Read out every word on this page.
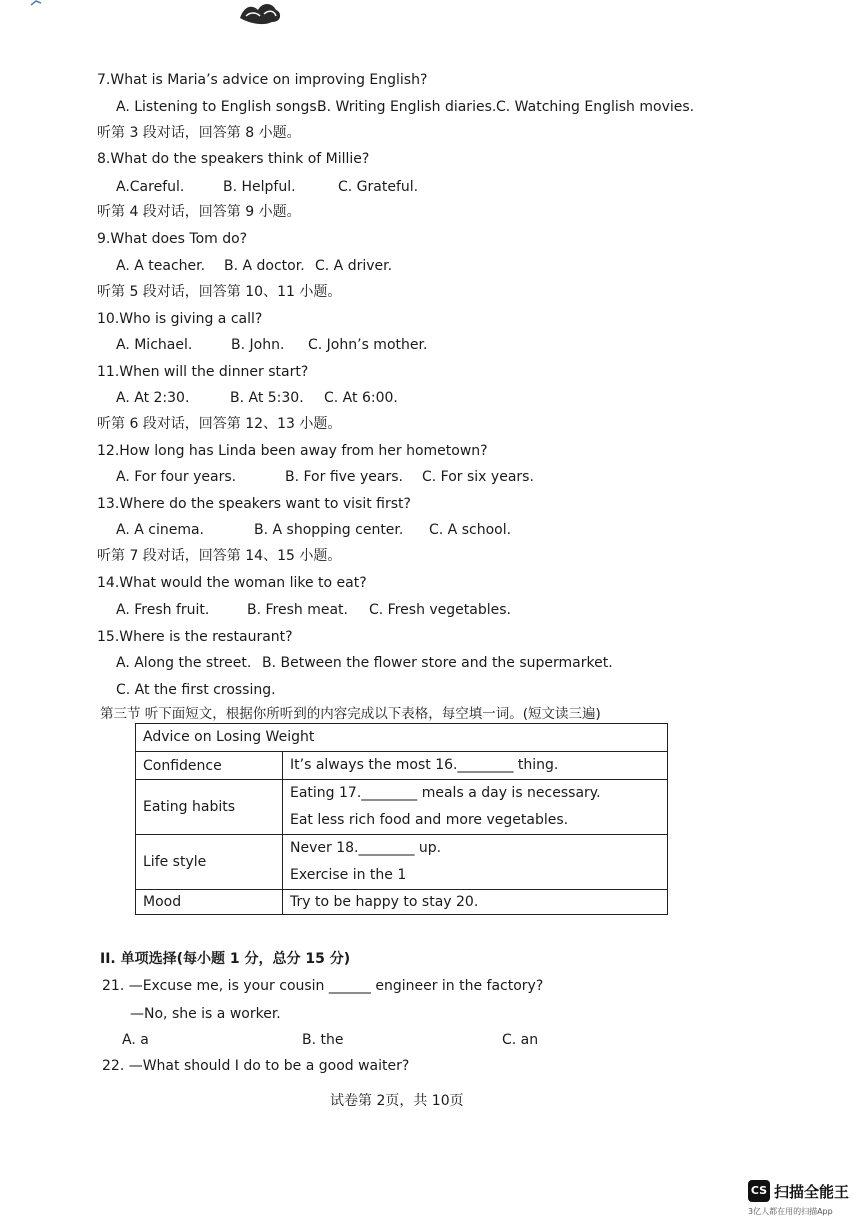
7.What is Maria’s advice on improving English?
A. Listening to English songs.
B. Writing English diaries. C. Watching English movies.
听第 3 段对话，回答第 8 小题。
8.What do the speakers think of Millie?
A.Careful.	B. Helpful.	C. Grateful.
听第 4 段对话，回答第 9 小题。
9.What does Tom do?
A. A teacher. B. A doctor. C. A driver.
听第 5 段对话，回答第 10、11 小题。
10.Who is giving a call?
A. Michael.	B. John. C. John’s mother.
11.When will the dinner start?
A. At 2:30.	B. At 5:30. C. At 6:00.
听第 6 段对话，回答第 12、13 小题。
12.How long has Linda been away from her hometown?
A. For four years.	B. For five years. C. For six years.
13.Where do the speakers want to visit first?
A. A cinema.	B. A shopping center. C. A school.
听第 7 段对话，回答第 14、15 小题。
14.What would the woman like to eat?
A. Fresh fruit.	B. Fresh meat. C. Fresh vegetables.
15.Where is the restaurant?
A. Along the street. B. Between the flower store and the supermarket.
C. At the first crossing.
第三节 听下面短文，根据你所听到的内容完成以下表格，每空填一词。(短文读三遍)
Advice on Losing Weight	

Confidence	It’s always the most 16.________ thing.

Eating habits	Eating 17.________ meals a day is necessary.
Eat less rich food and more vegetables.

Life style	Never 18.________ up.
Exercise in the 1

Mood	Try to be happy to stay 20.
II. 单项选择(每小题 1 分，总分 15 分)
21. —Excuse me, is your cousin ______ engineer in the factory?
—No, she is a worker.
A. a	B. the	C. an
22. —What should I do to be a good waiter?
试卷第 2页，共 10页
CS 扫描全能王
3亿人都在用的扫描App
